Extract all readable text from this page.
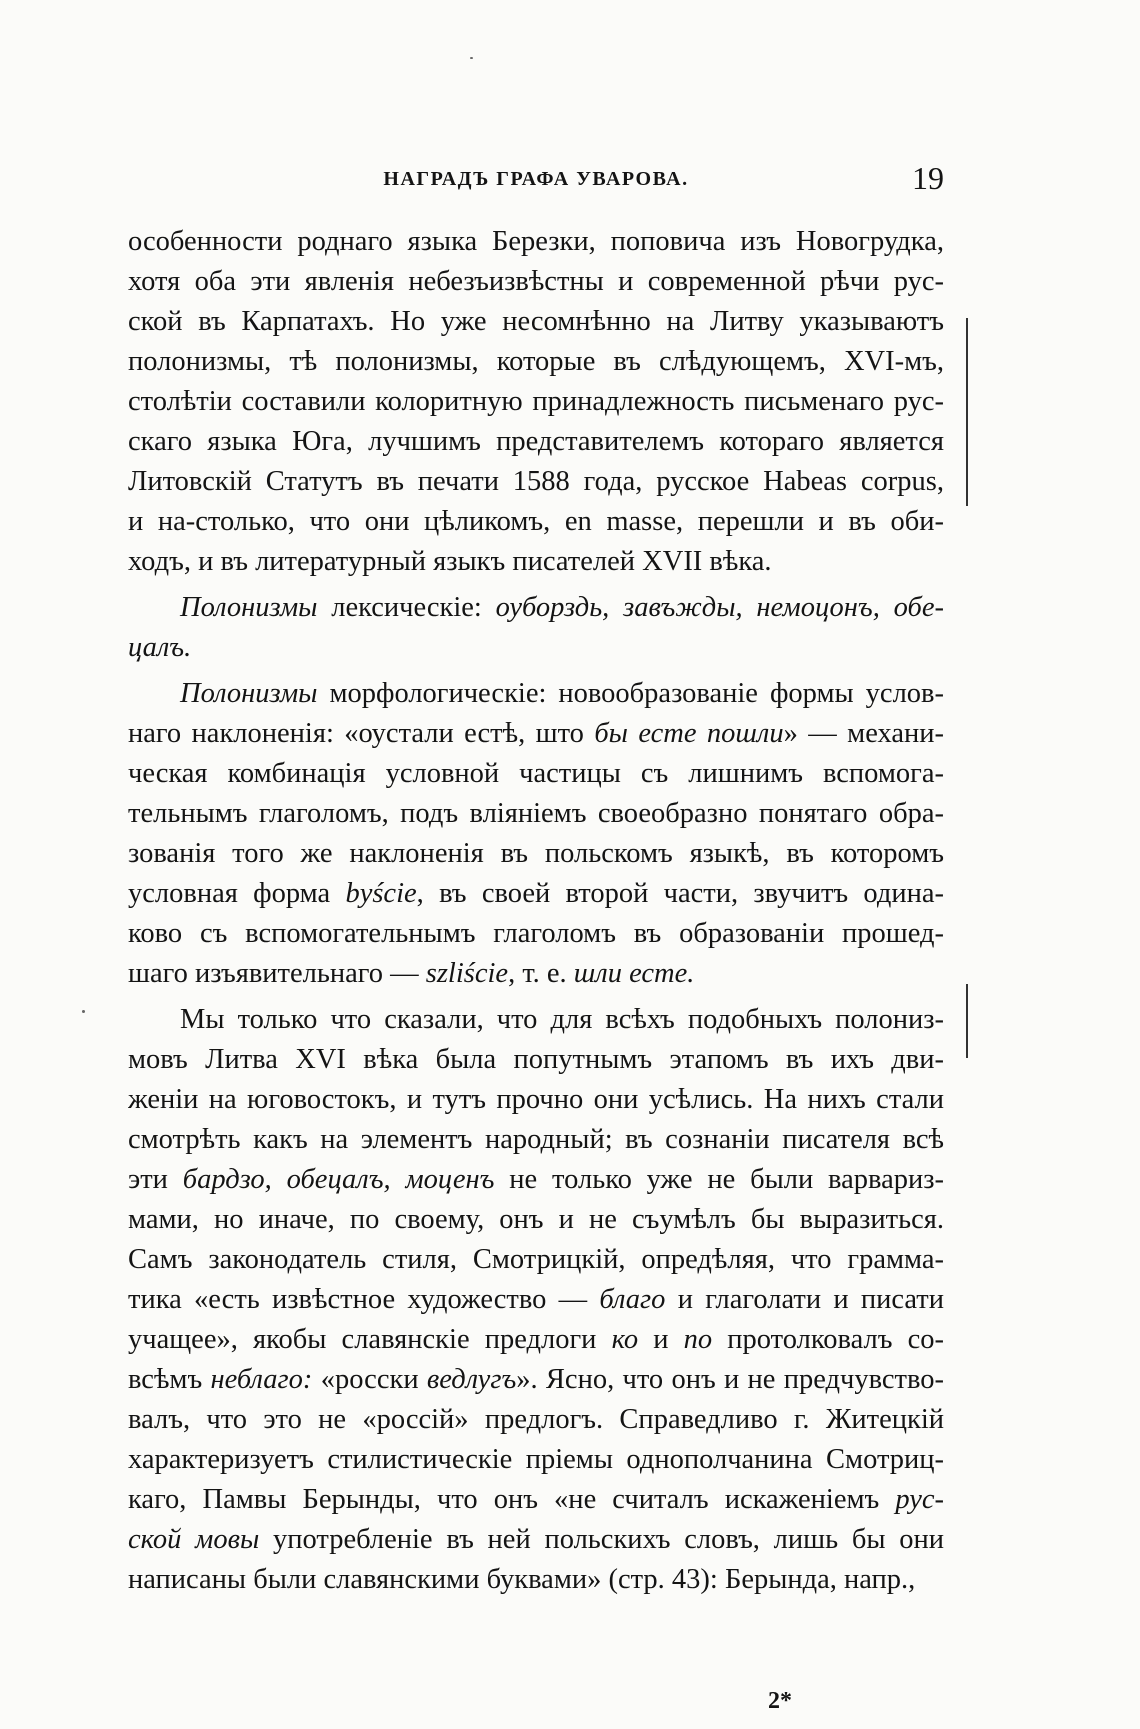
НАГРАДЪ ГРАФА УВАРОВА.	19
особенности роднаго языка Березки, поповича изъ Новогрудка,
хотя оба эти явленія небезъизвѣстны и современной рѣчи рус-
ской въ Карпатахъ. Но уже несомнѣнно на Литву указываютъ
полонизмы, тѣ полонизмы, которые въ слѣдующемъ, XVI-мъ,
столѣтіи составили колоритную принадлежность письменаго рус-
скаго языка Юга, лучшимъ представителемъ котораго является
Литовскій Статутъ въ печати 1588 года, русское Habeas corpus,
и на-столько, что они цѣликомъ, en masse, перешли и въ оби-
ходъ, и въ литературный языкъ писателей XVII вѣка.
Полонизмы лексическіе: оуборздь, завъжды, немоцонъ, обе-
цалъ.
Полонизмы морфологическіе: новообразованіе формы услов-
наго наклоненія: «оустали естѣ, што бы есте пошли» — механи-
ческая комбинація условной частицы съ лишнимъ вспомога-
тельнымъ глаголомъ, подъ вліяніемъ своеобразно понятаго обра-
зованія того же наклоненія въ польскомъ языкѣ, въ которомъ
условная форма byście, въ своей второй части, звучитъ одина-
ково съ вспомогательнымъ глаголомъ въ образованіи прошед-
шаго изъявительнаго — szliście, т. е. шли есте.
Мы только что сказали, что для всѣхъ подобныхъ полониз-
мовъ Литва XVI вѣка была попутнымъ этапомъ въ ихъ дви-
женіи на юговостокъ, и тутъ прочно они усѣлись. На нихъ стали
смотрѣть какъ на элементъ народный; въ сознаніи писателя всѣ
эти бардзо, обецалъ, моценъ не только уже не были варвариз-
мами, но иначе, по своему, онъ и не съумѣлъ бы выразиться.
Самъ законодатель стиля, Смотрицкій, опредѣляя, что грамма-
тика «есть извѣстное художество — благо и глаголати и писати
учащее», якобы славянскіе предлоги ко и по протолковалъ со-
всѣмъ неблаго: «росски ведлугъ». Ясно, что онъ и не предчувство-
валъ, что это не «россій» предлогъ. Справедливо г. Житецкій
характеризуетъ стилистическіе пріемы однополчанина Смотриц-
каго, Памвы Берынды, что онъ «не считалъ искаженіемъ рус-
ской мовы употребленіе въ ней польскихъ словъ, лишь бы они
написаны были славянскими буквами» (стр. 43): Берында, напр.,
2*
